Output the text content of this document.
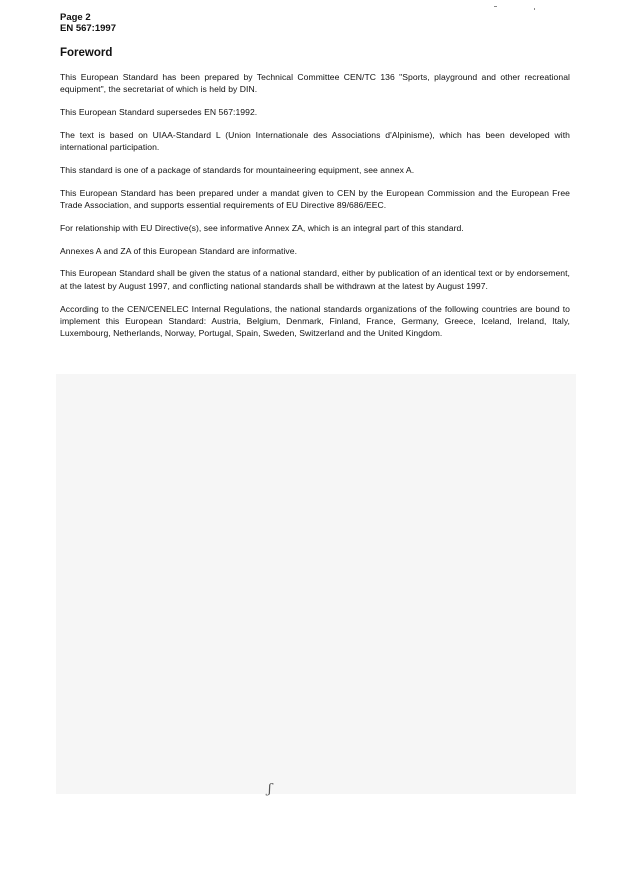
Page 2

EN 567:1997

Foreword

This European Standard has been prepared by Technical Committee CEN/TC 136 "Sports, playground and other recreational equipment", the secretariat of which is held by DIN.

This European Standard supersedes EN 567:1992.

The text is based on UIAA-Standard L (Union Internationale des Associations d'Alpinisme), which has been developed with international participation.

This standard is one of a package of standards for mountaineering equipment, see annex A.

This European Standard has been prepared under a mandat given to CEN by the European Commission and the European Free Trade Association, and supports essential requirements of EU Directive 89/686/EEC.

For relationship with EU Directive(s), see informative Annex ZA, which is an integral part of this standard.

Annexes A and ZA of this European Standard are informative.

This European Standard shall be given the status of a national standard, either by publication of an identical text or by endorsement, at the latest by August 1997, and conflicting national standards shall be withdrawn at the latest by August 1997.

According to the CEN/CENELEC Internal Regulations, the national standards organizations of the following countries are bound to implement this European Standard: Austria, Belgium, Denmark, Finland, France, Germany, Greece, Iceland, Ireland, Italy, Luxembourg, Netherlands, Norway, Portugal, Spain, Sweden, Switzerland and the United Kingdom.

ʃ
